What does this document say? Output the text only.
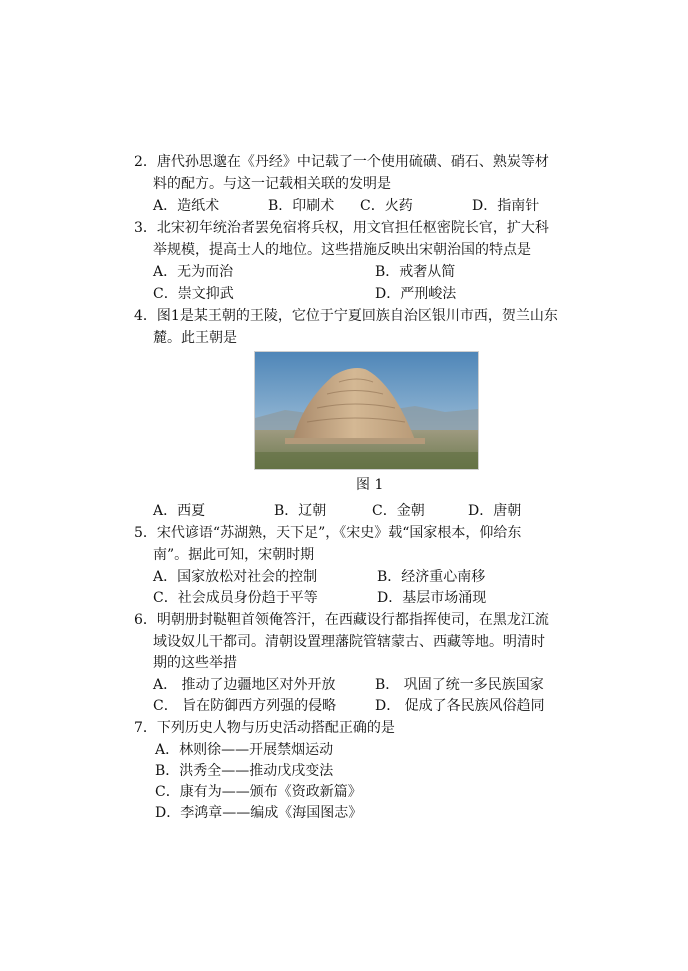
2．唐代孙思邈在《丹经》中记载了一个使用硫磺、硝石、熟炭等材
料的配方。与这一记载相关联的发明是
A．造纸术	B．印刷术 C．火药	D．指南针
3．北宋初年统治者罢免宿将兵权，用文官担任枢密院长官，扩大科
举规模，提高士人的地位。这些措施反映出宋朝治国的特点是
A．无为而治	B．戒奢从简
C．崇文抑武	D．严刑峻法
4．图1是某王朝的王陵，它位于宁夏回族自治区银川市西，贺兰山东
麓。此王朝是
图 1
A．西夏	B．辽朝	C．金朝	D．唐朝
5．宋代谚语“苏湖熟，天下足”，《宋史》载“国家根本，仰给东
南”。据此可知，宋朝时期
A．国家放松对社会的控制	B．经济重心南移
C．社会成员身份趋于平等	D．基层市场涌现
6．明朝册封鞑靼首领俺答汗，在西藏设行都指挥使司，在黑龙江流
域设奴儿干都司。清朝设置理藩院管辖蒙古、西藏等地。明清时
期的这些举措
A． 推动了边疆地区对外开放	B． 巩固了统一多民族国家
C． 旨在防御西方列强的侵略	D． 促成了各民族风俗趋同
7．下列历史人物与历史活动搭配正确的是
A．林则徐——开展禁烟运动
B．洪秀全——推动戊戌变法
C．康有为——颁布《资政新篇》
D．李鸿章——编成《海国图志》
